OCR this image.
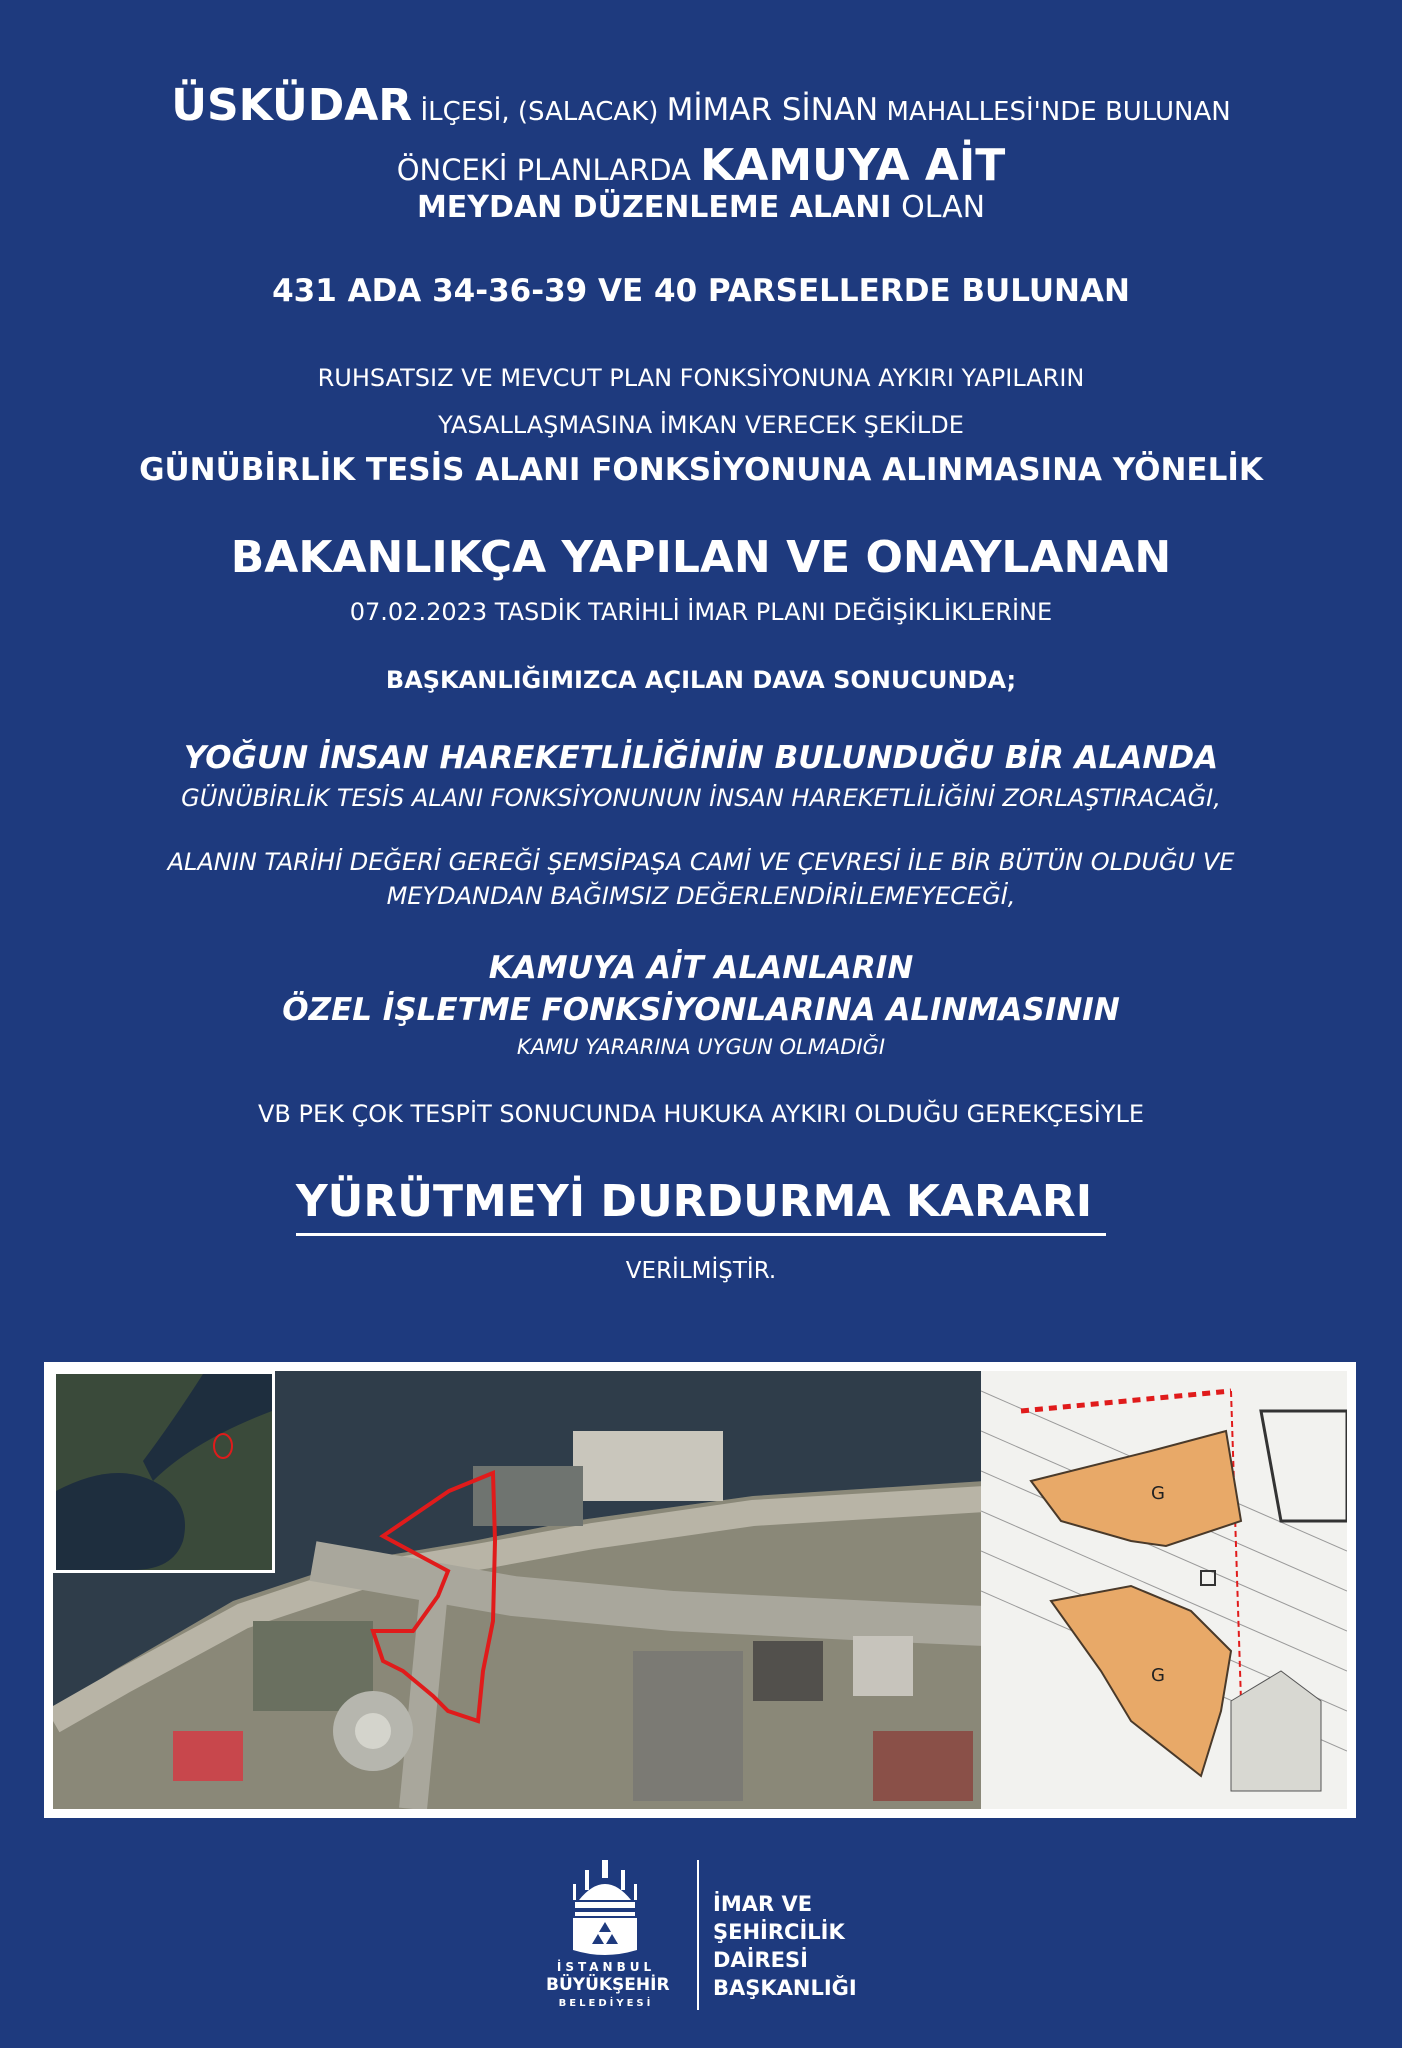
ÜSKÜDAR İLÇESİ, (SALACAK) MİMAR SİNAN MAHALLESİ'NDE BULUNAN
ÖNCEKİ PLANLARDA KAMUYA AİT
MEYDAN DÜZENLEME ALANI OLAN
431 ADA 34-36-39 VE 40 PARSELLERDE BULUNAN
RUHSATSIZ VE MEVCUT PLAN FONKSİYONUNA AYKIRI YAPILARIN
YASALLAŞMASINA İMKAN VERECEK ŞEKİLDE
GÜNÜBİRLİK TESİS ALANI FONKSİYONUNA ALINMASINA YÖNELİK
BAKANLIKÇA YAPILAN VE ONAYLANAN
07.02.2023 TASDİK TARİHLİ İMAR PLANI DEĞİŞİKLİKLERİNE
BAŞKANLIĞIMIZCA AÇILAN DAVA SONUCUNDA;
YOĞUN İNSAN HAREKETLİLİĞİNİN BULUNDUĞU BİR ALANDA
GÜNÜBİRLİK TESİS ALANI FONKSİYONUNUN İNSAN HAREKETLİLİĞİNİ ZORLAŞTIRACAĞI,
ALANIN TARİHİ DEĞERİ GEREĞİ ŞEMSİPAŞA CAMİ VE ÇEVRESİ İLE BİR BÜTÜN OLDUĞU VE
MEYDANDAN BAĞIMSIZ DEĞERLENDİRİLEMEYECEĞİ,
KAMUYA AİT ALANLARIN
ÖZEL İŞLETME FONKSİYONLARINA ALINMASININ
KAMU YARARINA UYGUN OLMADIĞI
VB PEK ÇOK TESPİT SONUCUNDA HUKUKA AYKIRI OLDUĞU GEREKÇESİYLE
YÜRÜTMEYİ DURDURMA KARARI
VERİLMİŞTİR.
G
G
İSTANBUL
BÜYÜKŞEHİR
BELEDİYESİ
İMAR VE
ŞEHİRCİLİK
DAİRESİ
BAŞKANLIĞI
